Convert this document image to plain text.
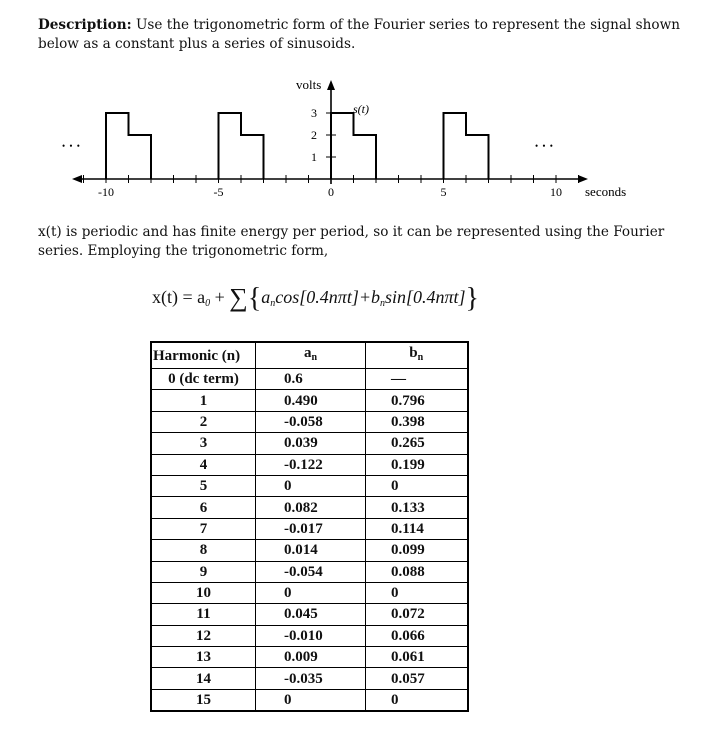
Description: Use the trigonometric form of the Fourier series to represent the signal shown below as a constant plus a series of sinusoids.
3
2
1
-10	-5	0	5	10
volts
seconds
s(t)
• • •	• • •
x(t) is periodic and has finite energy per period, so it can be represented using the Fourier series. Employing the trigonometric form,
$x(t) = a_0 + \sum\{a_n\cos[0.4n\pi t]+b_n\sin[0.4n\pi t]\}$
Harmonic (n)	$a_n$	$b_n$
0 (dc term)	0.6	—
1	0.490	0.796
2	-0.058	0.398
3	0.039	0.265
4	-0.122	0.199
5	0	0
6	0.082	0.133
7	-0.017	0.114
8	0.014	0.099
9	-0.054	0.088
10	0	0
11	0.045	0.072
12	-0.010	0.066
13	0.009	0.061
14	-0.035	0.057
15	0	0
